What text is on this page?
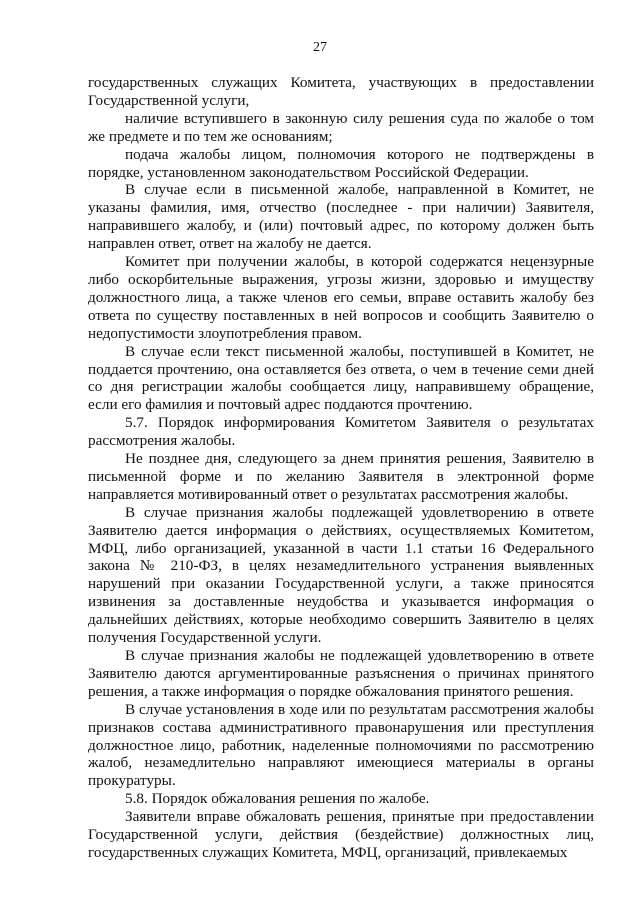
27

государственных служащих Комитета, участвующих в предоставлении Государственной услуги,

наличие вступившего в законную силу решения суда по жалобе о том же предмете и по тем же основаниям;

подача жалобы лицом, полномочия которого не подтверждены в порядке, установленном законодательством Российской Федерации.

В случае если в письменной жалобе, направленной в Комитет, не указаны фамилия, имя, отчество (последнее - при наличии) Заявителя, направившего жалобу, и (или) почтовый адрес, по которому должен быть направлен ответ, ответ на жалобу не дается.

Комитет при получении жалобы, в которой содержатся нецензурные либо оскорбительные выражения, угрозы жизни, здоровью и имуществу должностного лица, а также членов его семьи, вправе оставить жалобу без ответа по существу поставленных в ней вопросов и сообщить Заявителю о недопустимости злоупотребления правом.

В случае если текст письменной жалобы, поступившей в Комитет, не поддается прочтению, она оставляется без ответа, о чем в течение семи дней со дня регистрации жалобы сообщается лицу, направившему обращение, если его фамилия и почтовый адрес поддаются прочтению.

5.7. Порядок информирования Комитетом Заявителя о результатах рассмотрения жалобы.

Не позднее дня, следующего за днем принятия решения, Заявителю в письменной форме и по желанию Заявителя в электронной форме направляется мотивированный ответ о результатах рассмотрения жалобы.

В случае признания жалобы подлежащей удовлетворению в ответе Заявителю дается информация о действиях, осуществляемых Комитетом, МФЦ, либо организацией, указанной в части 1.1 статьи 16 Федерального закона № 210-ФЗ, в целях незамедлительного устранения выявленных нарушений при оказании Государственной услуги, а также приносятся извинения за доставленные неудобства и указывается информация о дальнейших действиях, которые необходимо совершить Заявителю в целях получения Государственной услуги.

В случае признания жалобы не подлежащей удовлетворению в ответе Заявителю даются аргументированные разъяснения о причинах принятого решения, а также информация о порядке обжалования принятого решения.

В случае установления в ходе или по результатам рассмотрения жалобы признаков состава административного правонарушения или преступления должностное лицо, работник, наделенные полномочиями по рассмотрению жалоб, незамедлительно направляют имеющиеся материалы в органы прокуратуры.

5.8. Порядок обжалования решения по жалобе.

Заявители вправе обжаловать решения, принятые при предоставлении Государственной услуги, действия (бездействие) должностных лиц, государственных служащих Комитета, МФЦ, организаций, привлекаемых
